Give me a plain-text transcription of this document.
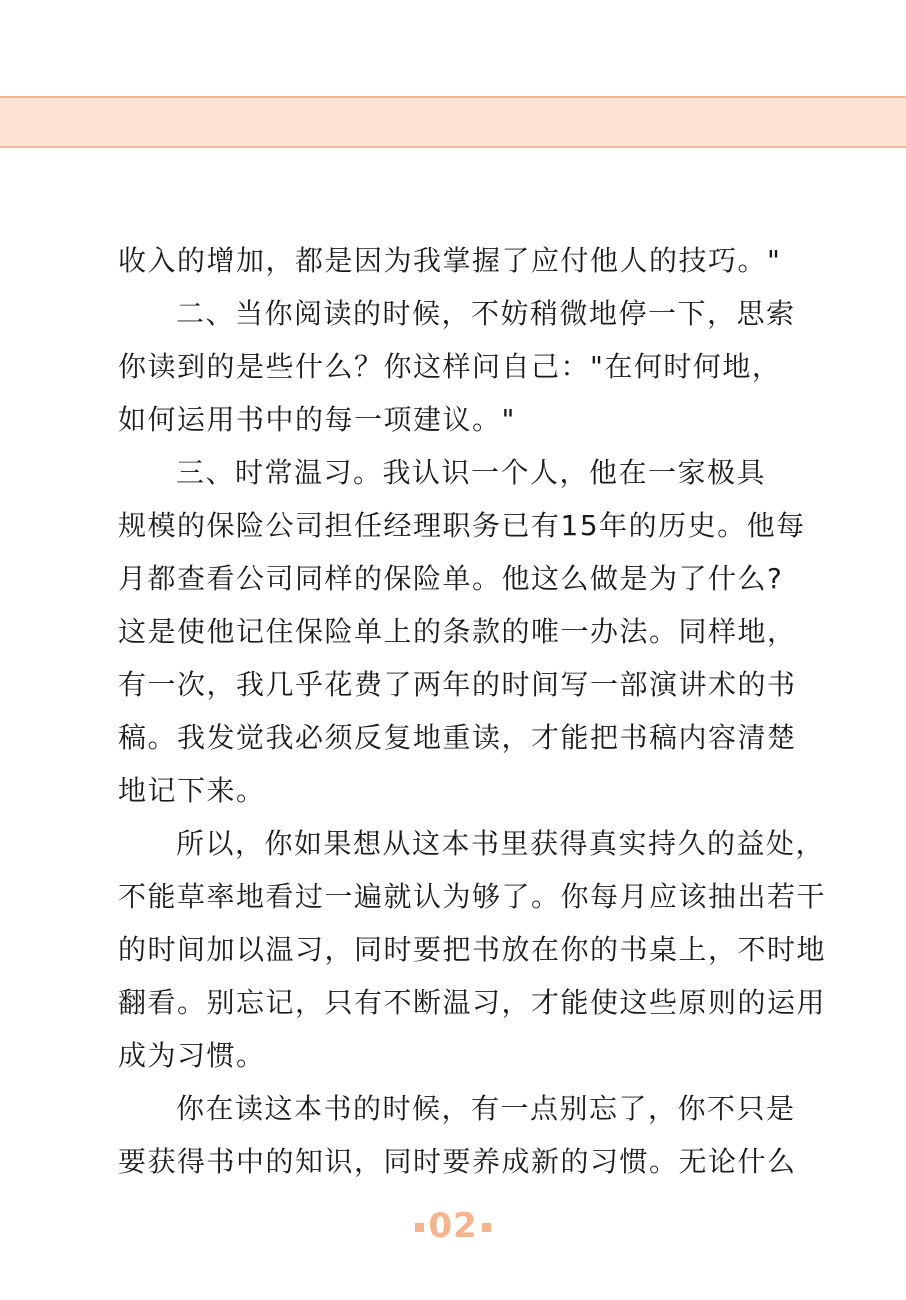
收入的增加，都是因为我掌握了应付他人的技巧。"
二、当你阅读的时候，不妨稍微地停一下，思索
你读到的是些什么？你这样问自己："在何时何地，
如何运用书中的每一项建议。"
三、时常温习。我认识一个人，他在一家极具
规模的保险公司担任经理职务已有15年的历史。他每
月都查看公司同样的保险单。他这么做是为了什么?
这是使他记住保险单上的条款的唯一办法。同样地，
有一次，我几乎花费了两年的时间写一部演讲术的书
稿。我发觉我必须反复地重读，才能把书稿内容清楚
地记下来。
所以，你如果想从这本书里获得真实持久的益处，
不能草率地看过一遍就认为够了。你每月应该抽出若干
的时间加以温习，同时要把书放在你的书桌上，不时地
翻看。别忘记，只有不断温习，才能使这些原则的运用
成为习惯。
你在读这本书的时候，有一点别忘了，你不只是
要获得书中的知识，同时要养成新的习惯。无论什么
02
